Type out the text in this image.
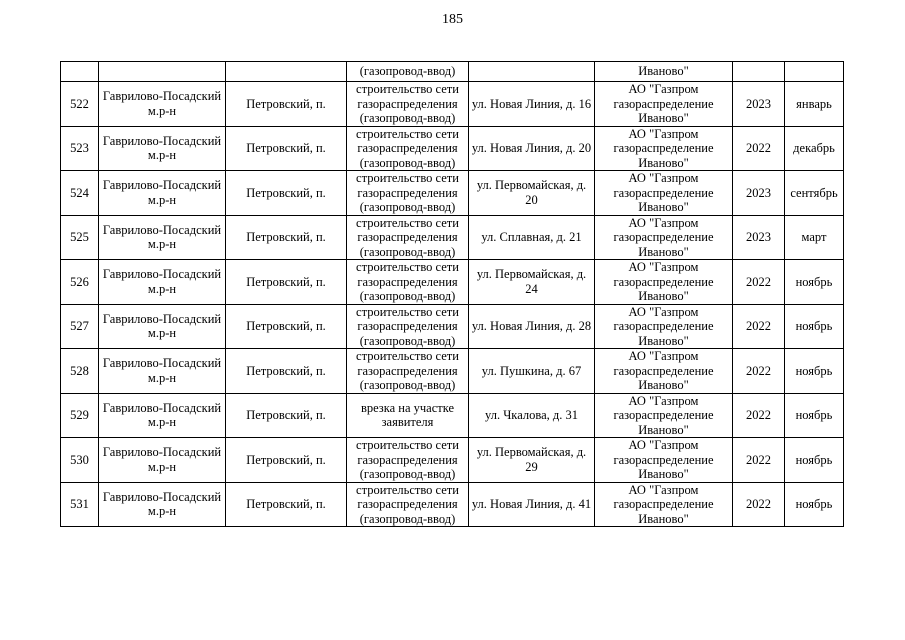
185
			(газопровод-ввод)		Иваново"		
522	Гаврилово-Посадский м.р-н	Петровский, п.	строительство сети газораспределения (газопровод-ввод)	ул. Новая Линия, д. 16	АО "Газпром газораспределение Иваново"	2023	январь
523	Гаврилово-Посадский м.р-н	Петровский, п.	строительство сети газораспределения (газопровод-ввод)	ул. Новая Линия, д. 20	АО "Газпром газораспределение Иваново"	2022	декабрь
524	Гаврилово-Посадский м.р-н	Петровский, п.	строительство сети газораспределения (газопровод-ввод)	ул. Первомайская, д. 20	АО "Газпром газораспределение Иваново"	2023	сентябрь
525	Гаврилово-Посадский м.р-н	Петровский, п.	строительство сети газораспределения (газопровод-ввод)	ул. Сплавная, д. 21	АО "Газпром газораспределение Иваново"	2023	март
526	Гаврилово-Посадский м.р-н	Петровский, п.	строительство сети газораспределения (газопровод-ввод)	ул. Первомайская, д. 24	АО "Газпром газораспределение Иваново"	2022	ноябрь
527	Гаврилово-Посадский м.р-н	Петровский, п.	строительство сети газораспределения (газопровод-ввод)	ул. Новая Линия, д. 28	АО "Газпром газораспределение Иваново"	2022	ноябрь
528	Гаврилово-Посадский м.р-н	Петровский, п.	строительство сети газораспределения (газопровод-ввод)	ул. Пушкина, д. 67	АО "Газпром газораспределение Иваново"	2022	ноябрь
529	Гаврилово-Посадский м.р-н	Петровский, п.	врезка на участке заявителя	ул. Чкалова, д. 31	АО "Газпром газораспределение Иваново"	2022	ноябрь
530	Гаврилово-Посадский м.р-н	Петровский, п.	строительство сети газораспределения (газопровод-ввод)	ул. Первомайская, д. 29	АО "Газпром газораспределение Иваново"	2022	ноябрь
531	Гаврилово-Посадский м.р-н	Петровский, п.	строительство сети газораспределения (газопровод-ввод)	ул. Новая Линия, д. 41	АО "Газпром газораспределение Иваново"	2022	ноябрь
